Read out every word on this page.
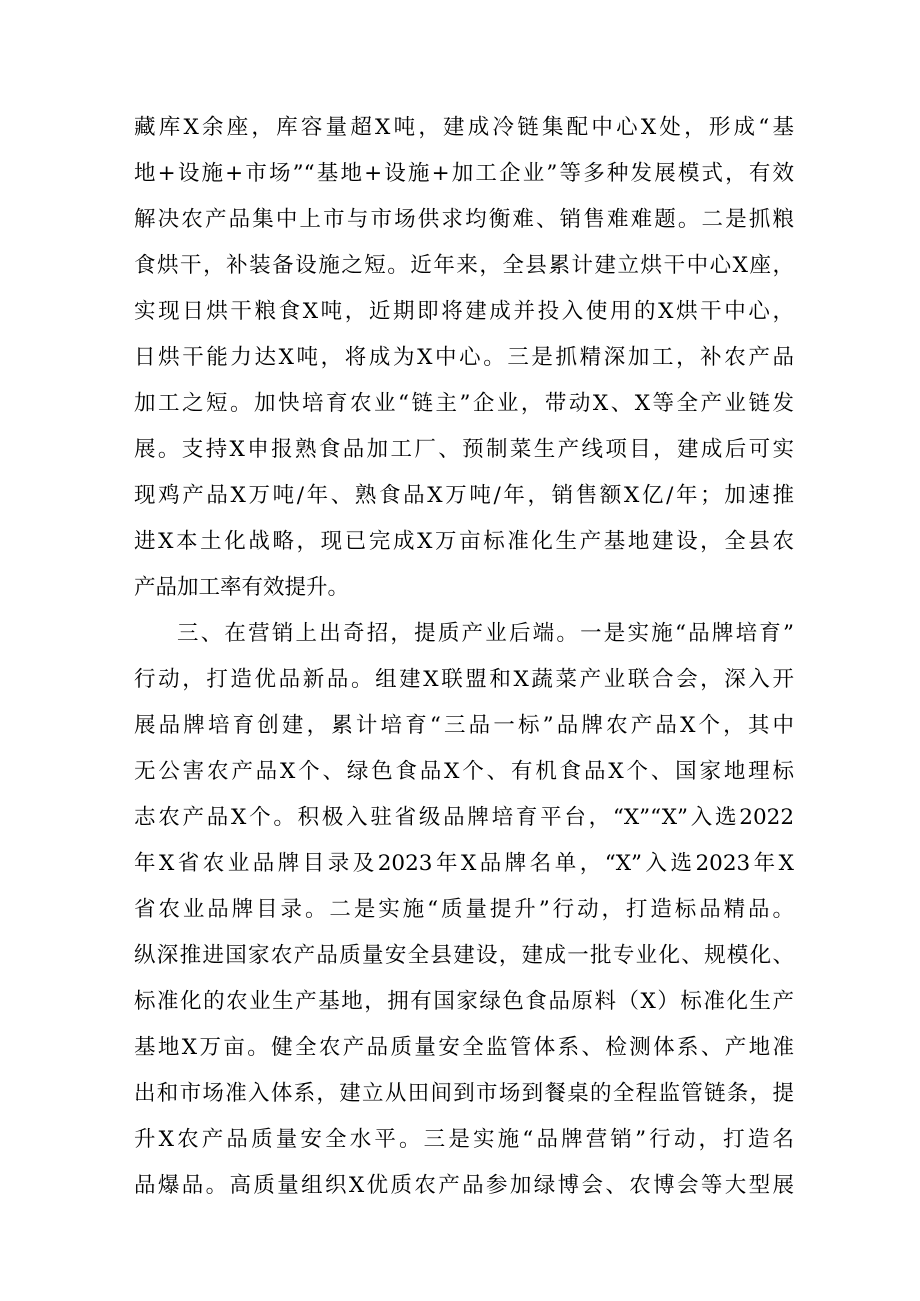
藏库X余座，库容量超X吨，建成冷链集配中心X处，形成“基
地+设施+市场”“基地+设施+加工企业”等多种发展模式，有效
解决农产品集中上市与市场供求均衡难、销售难难题。二是抓粮
食烘干，补装备设施之短。近年来，全县累计建立烘干中心X座，
实现日烘干粮食X吨，近期即将建成并投入使用的X烘干中心，
日烘干能力达X吨，将成为X中心。三是抓精深加工，补农产品
加工之短。加快培育农业“链主”企业，带动X、X等全产业链发
展。支持X申报熟食品加工厂、预制菜生产线项目，建成后可实
现鸡产品X万吨/年、熟食品X万吨/年，销售额X亿/年；加速推
进X本土化战略，现已完成X万亩标准化生产基地建设，全县农
产品加工率有效提升。
三、在营销上出奇招，提质产业后端。一是实施“品牌培育”
行动，打造优品新品。组建X联盟和X蔬菜产业联合会，深入开
展品牌培育创建，累计培育“三品一标”品牌农产品X个，其中
无公害农产品X个、绿色食品X个、有机食品X个、国家地理标
志农产品X个。积极入驻省级品牌培育平台，“X”“X”入选2022
年X省农业品牌目录及2023年X品牌名单，“X”入选2023年X
省农业品牌目录。二是实施“质量提升”行动，打造标品精品。
纵深推进国家农产品质量安全县建设，建成一批专业化、规模化、
标准化的农业生产基地，拥有国家绿色食品原料（X）标准化生产
基地X万亩。健全农产品质量安全监管体系、检测体系、产地准
出和市场准入体系，建立从田间到市场到餐桌的全程监管链条，提
升X农产品质量安全水平。三是实施“品牌营销”行动，打造名
品爆品。高质量组织X优质农产品参加绿博会、农博会等大型展
